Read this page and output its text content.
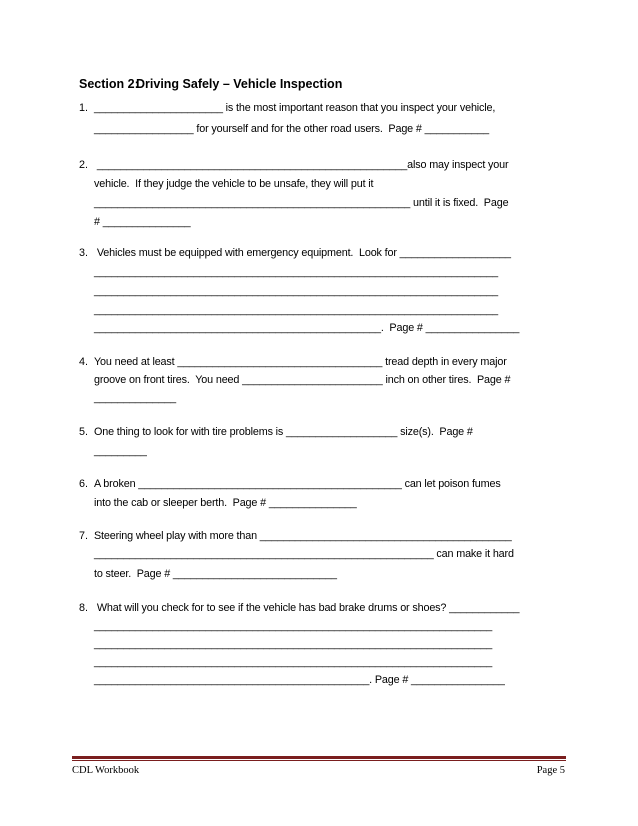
Section 2:Driving Safely – Vehicle Inspection
1. ______________________ is the most important reason that you inspect your vehicle,
_________________ for yourself and for the other road users.  Page # ___________
2. _____________________________________________________also may inspect your
vehicle.  If they judge the vehicle to be unsafe, they will put it
______________________________________________________ until it is fixed.  Page
# _______________
3. Vehicles must be equipped with emergency equipment.  Look for ___________________
_____________________________________________________________________
_____________________________________________________________________
_____________________________________________________________________
_________________________________________________.  Page # ________________
4. You need at least ___________________________________ tread depth in every major
groove on front tires.  You need ________________________ inch on other tires.  Page #
______________
5. One thing to look for with tire problems is ___________________ size(s).  Page #
_________
6. A broken _____________________________________________ can let poison fumes
into the cab or sleeper berth.  Page # _______________
7. Steering wheel play with more than ___________________________________________
__________________________________________________________ can make it hard
to steer.  Page # ____________________________
8. What will you check for to see if the vehicle has bad brake drums or shoes? ____________
____________________________________________________________________
____________________________________________________________________
____________________________________________________________________
_______________________________________________. Page # ________________
CDL Workbook	Page 5
